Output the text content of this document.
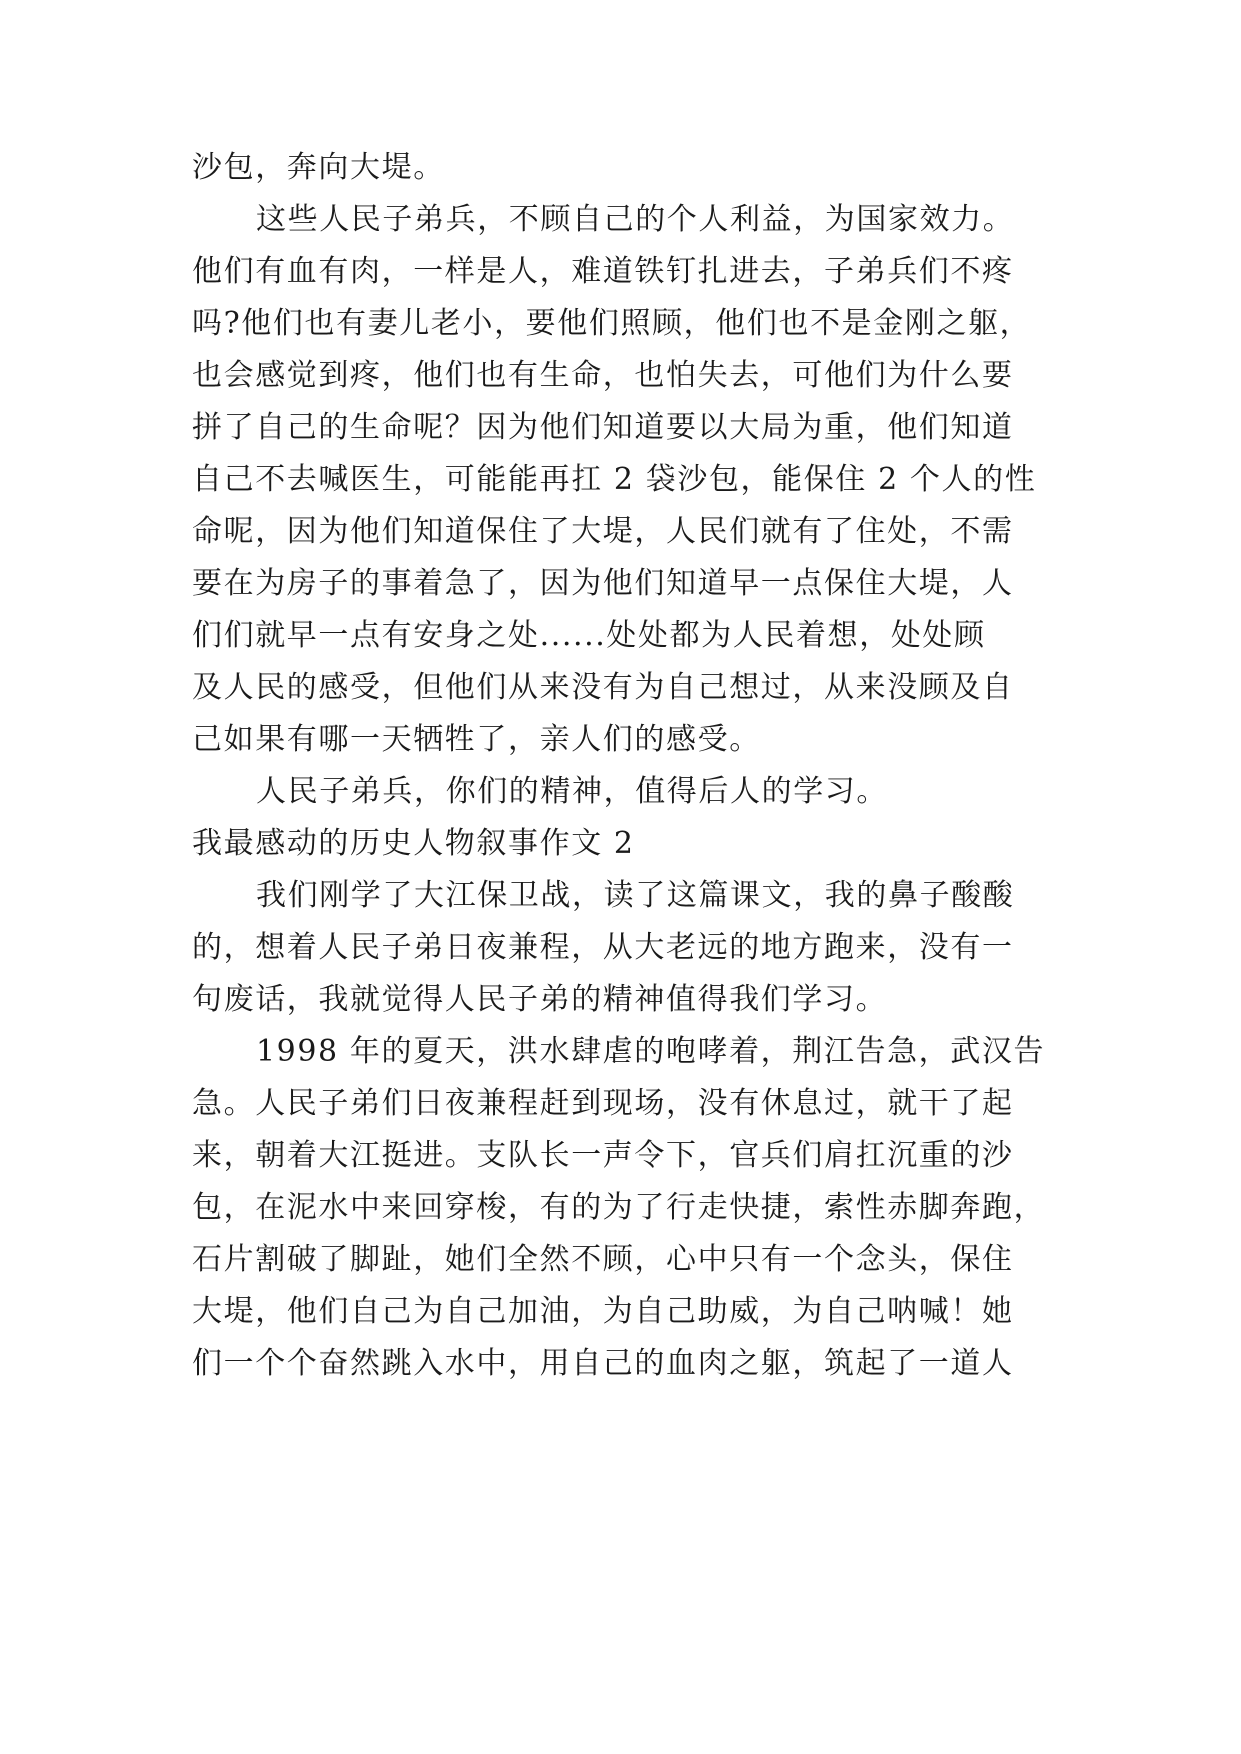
沙包，奔向大堤。

这些人民子弟兵，不顾自己的个人利益，为国家效力。

他们有血有肉，一样是人，难道铁钉扎进去，子弟兵们不疼

吗?他们也有妻儿老小，要他们照顾，他们也不是金刚之躯，

也会感觉到疼，他们也有生命，也怕失去，可他们为什么要

拼了自己的生命呢？因为他们知道要以大局为重，他们知道

自己不去喊医生，可能能再扛 2 袋沙包，能保住 2 个人的性

命呢，因为他们知道保住了大堤，人民们就有了住处，不需

要在为房子的事着急了，因为他们知道早一点保住大堤，人

们们就早一点有安身之处......处处都为人民着想，处处顾

及人民的感受，但他们从来没有为自己想过，从来没顾及自

己如果有哪一天牺牲了，亲人们的感受。

人民子弟兵，你们的精神，值得后人的学习。

我最感动的历史人物叙事作文 2

我们刚学了大江保卫战，读了这篇课文，我的鼻子酸酸

的，想着人民子弟日夜兼程，从大老远的地方跑来，没有一

句废话，我就觉得人民子弟的精神值得我们学习。

1998 年的夏天，洪水肆虐的咆哮着，荆江告急，武汉告

急。人民子弟们日夜兼程赶到现场，没有休息过，就干了起

来，朝着大江挺进。支队长一声令下，官兵们肩扛沉重的沙

包，在泥水中来回穿梭，有的为了行走快捷，索性赤脚奔跑，

石片割破了脚趾，她们全然不顾，心中只有一个念头，保住

大堤，他们自己为自己加油，为自己助威，为自己呐喊！她

们一个个奋然跳入水中，用自己的血肉之躯，筑起了一道人
